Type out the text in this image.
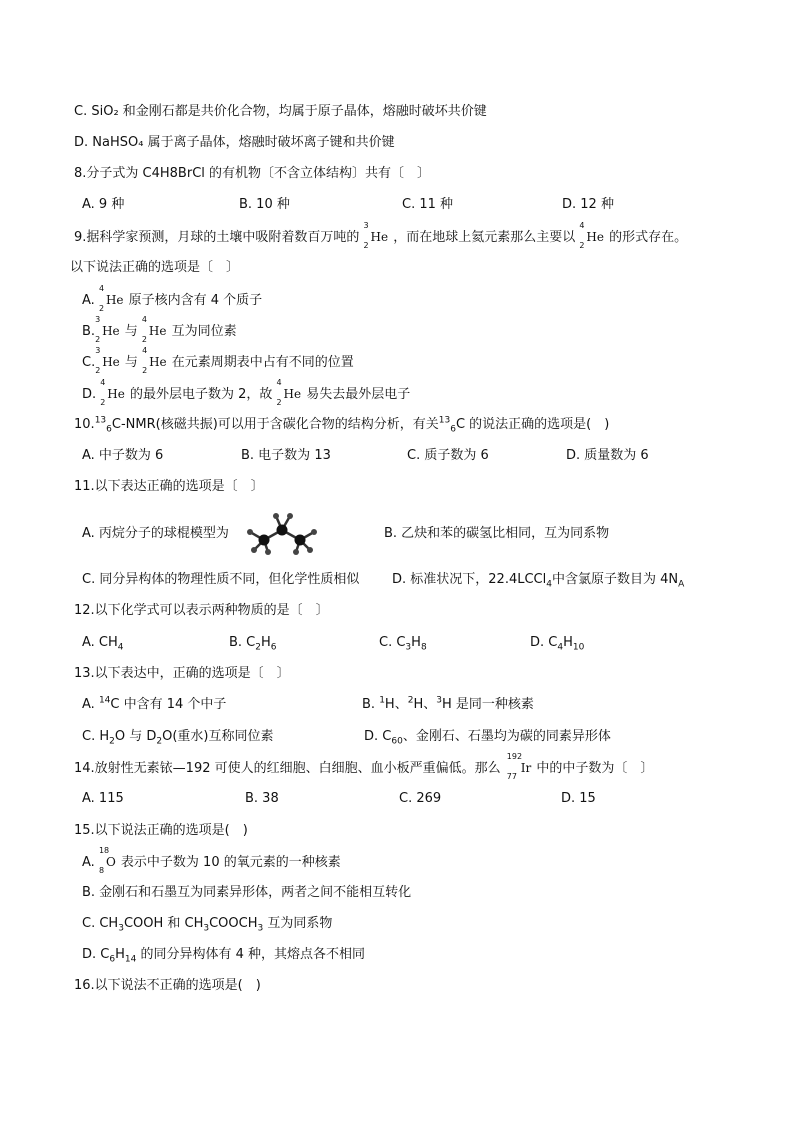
C. SiO₂ 和金刚石都是共价化合物，均属于原子晶体，熔融时破坏共价键
D. NaHSO₄ 属于离子晶体，熔融时破坏离子键和共价键
8.分子式为 C4H8BrCl 的有机物〔不含立体结构〕共有〔　〕
A. 9 种	B. 10 种	C. 11 种	D. 12 种
9.据科学家预测，月球的土壤中吸附着数百万吨的
3
2
He ，而在地球上氦元素那么主要以
4
2
He 的形式存在。
以下说法正确的选项是〔　〕
A.
4
2
He 原子核内含有 4 个质子
B.
3
2
He 与
4
2
He 互为同位素
C.
3
2
He 与
4
2
He 在元素周期表中占有不同的位置
D.
4
2
He 的最外层电子数为 2，故
4
2
He 易失去最外层电子
$10.13_6C-NMR$(核磁共振)可以用于含碳化合物的结构分析，有关$^{13}_6$C 的说法正确的选项是(　)
A. 中子数为 6	B. 电子数为 13	C. 质子数为 6	D. 质量数为 6
11.以下表达正确的选项是〔　〕
A. 丙烷分子的球棍模型为	B. 乙炔和苯的碳氢比相同，互为同系物
C. 同分异构体的物理性质不同，但化学性质相似	D. 标准状况下，22.4LCCl$_4$中含氯原子数目为 $4N_A$
12.以下化学式可以表示两种物质的是〔　〕
A. $CH_4$	B. $C_2H_6$	C. $C_3H_8$	D. $C_4H_{10}$
13.以下表达中，正确的选项是〔　〕
A. $^{14}$C 中含有 14 个中子	B. $^1$H、$^2$H、$^3$H 是同一种核素
C. $H_2O$ 与 $D_2O$(重水)互称同位素	D. $C_{60}$、金刚石、石墨均为碳的同素异形体
14.放射性无素铱—192 可使人的红细胞、白细胞、血小板严重偏低。那么
192
77
Ir 中的中子数为〔　〕
A. 115	B. 38	C. 269	D. 15
15.以下说法正确的选项是(　)
A.
18
8
O 表示中子数为 10 的氧元素的一种核素
B. 金刚石和石墨互为同素异形体，两者之间不能相互转化
C. $CH_3COOH$ 和 $CH_3COOCH_3$ 互为同系物
D. $C_6H_{14}$ 的同分异构体有 4 种，其熔点各不相同
16.以下说法不正确的选项是(　)
